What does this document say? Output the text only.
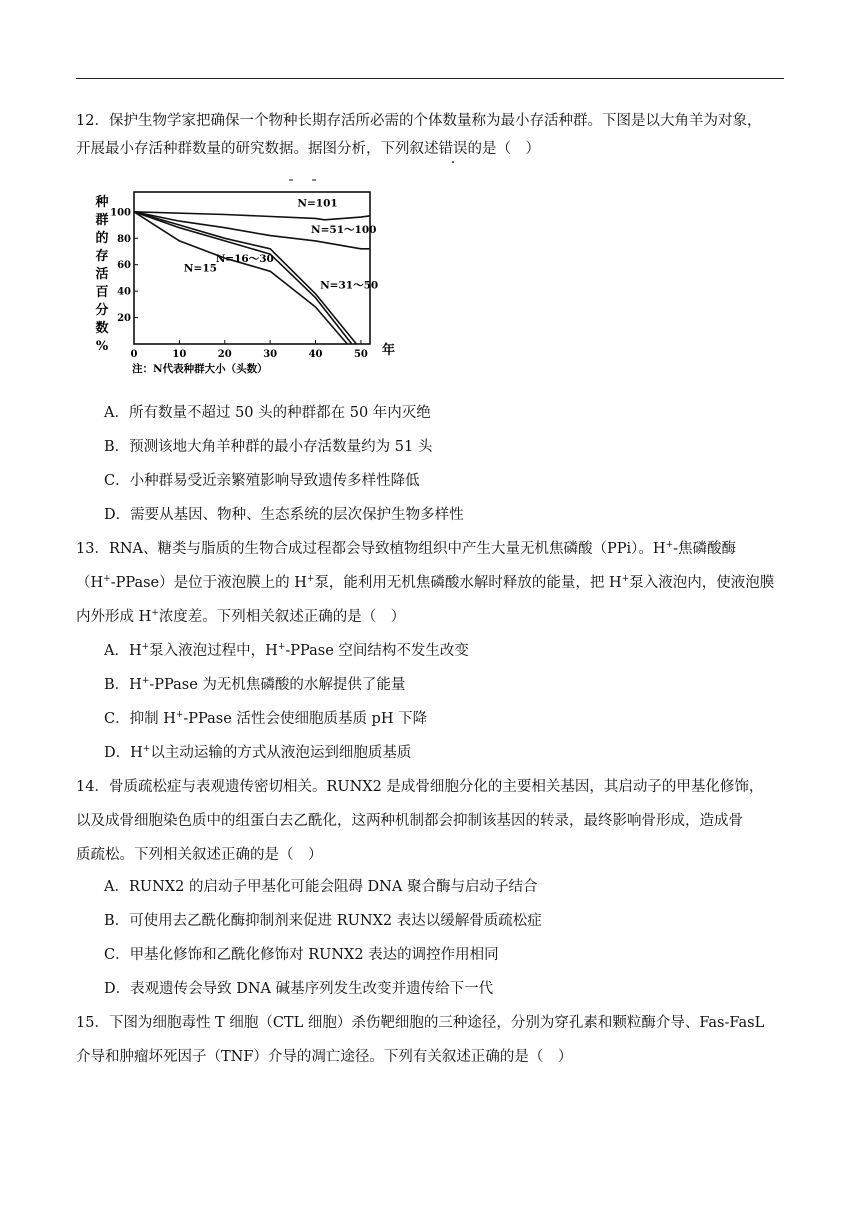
12．保护生物学家把确保一个物种长期存活所必需的个体数量称为最小存活种群。下图是以大角羊为对象，
开展最小存活种群数量的研究数据。据图分析，下列叙述错误的是（　）
种
群
的
存
活
百
分
数
%
100
80
60
40
20
0	10	20	30	40	50
N=101
N=51～100
N=16～30
N=31～50
N=15
年
注：N代表种群大小（头数）
A．所有数量不超过 50 头的种群都在 50 年内灭绝
B．预测该地大角羊种群的最小存活数量约为 51 头
C．小种群易受近亲繁殖影响导致遗传多样性降低
D．需要从基因、物种、生态系统的层次保护生物多样性
13．RNA、糖类与脂质的生物合成过程都会导致植物组织中产生大量无机焦磷酸（PPi）。H+-焦磷酸酶
（H+-PPase）是位于液泡膜上的 H+泵，能利用无机焦磷酸水解时释放的能量，把 H+泵入液泡内，使液泡膜
内外形成 H+浓度差。下列相关叙述正确的是（　）
A．H+泵入液泡过程中，H+-PPase 空间结构不发生改变
B．H+-PPase 为无机焦磷酸的水解提供了能量
C．抑制 H+-PPase 活性会使细胞质基质 pH 下降
D．H+以主动运输的方式从液泡运到细胞质基质
14．骨质疏松症与表观遗传密切相关。RUNX2 是成骨细胞分化的主要相关基因，其启动子的甲基化修饰，
以及成骨细胞染色质中的组蛋白去乙酰化，这两种机制都会抑制该基因的转录，最终影响骨形成，造成骨
质疏松。下列相关叙述正确的是（　）
A．RUNX2 的启动子甲基化可能会阻碍 DNA 聚合酶与启动子结合
B．可使用去乙酰化酶抑制剂来促进 RUNX2 表达以缓解骨质疏松症
C．甲基化修饰和乙酰化修饰对 RUNX2 表达的调控作用相同
D．表观遗传会导致 DNA 碱基序列发生改变并遗传给下一代
15．下图为细胞毒性 T 细胞（CTL 细胞）杀伤靶细胞的三种途径，分别为穿孔素和颗粒酶介导、Fas-FasL
介导和肿瘤坏死因子（TNF）介导的凋亡途径。下列有关叙述正确的是（　）
